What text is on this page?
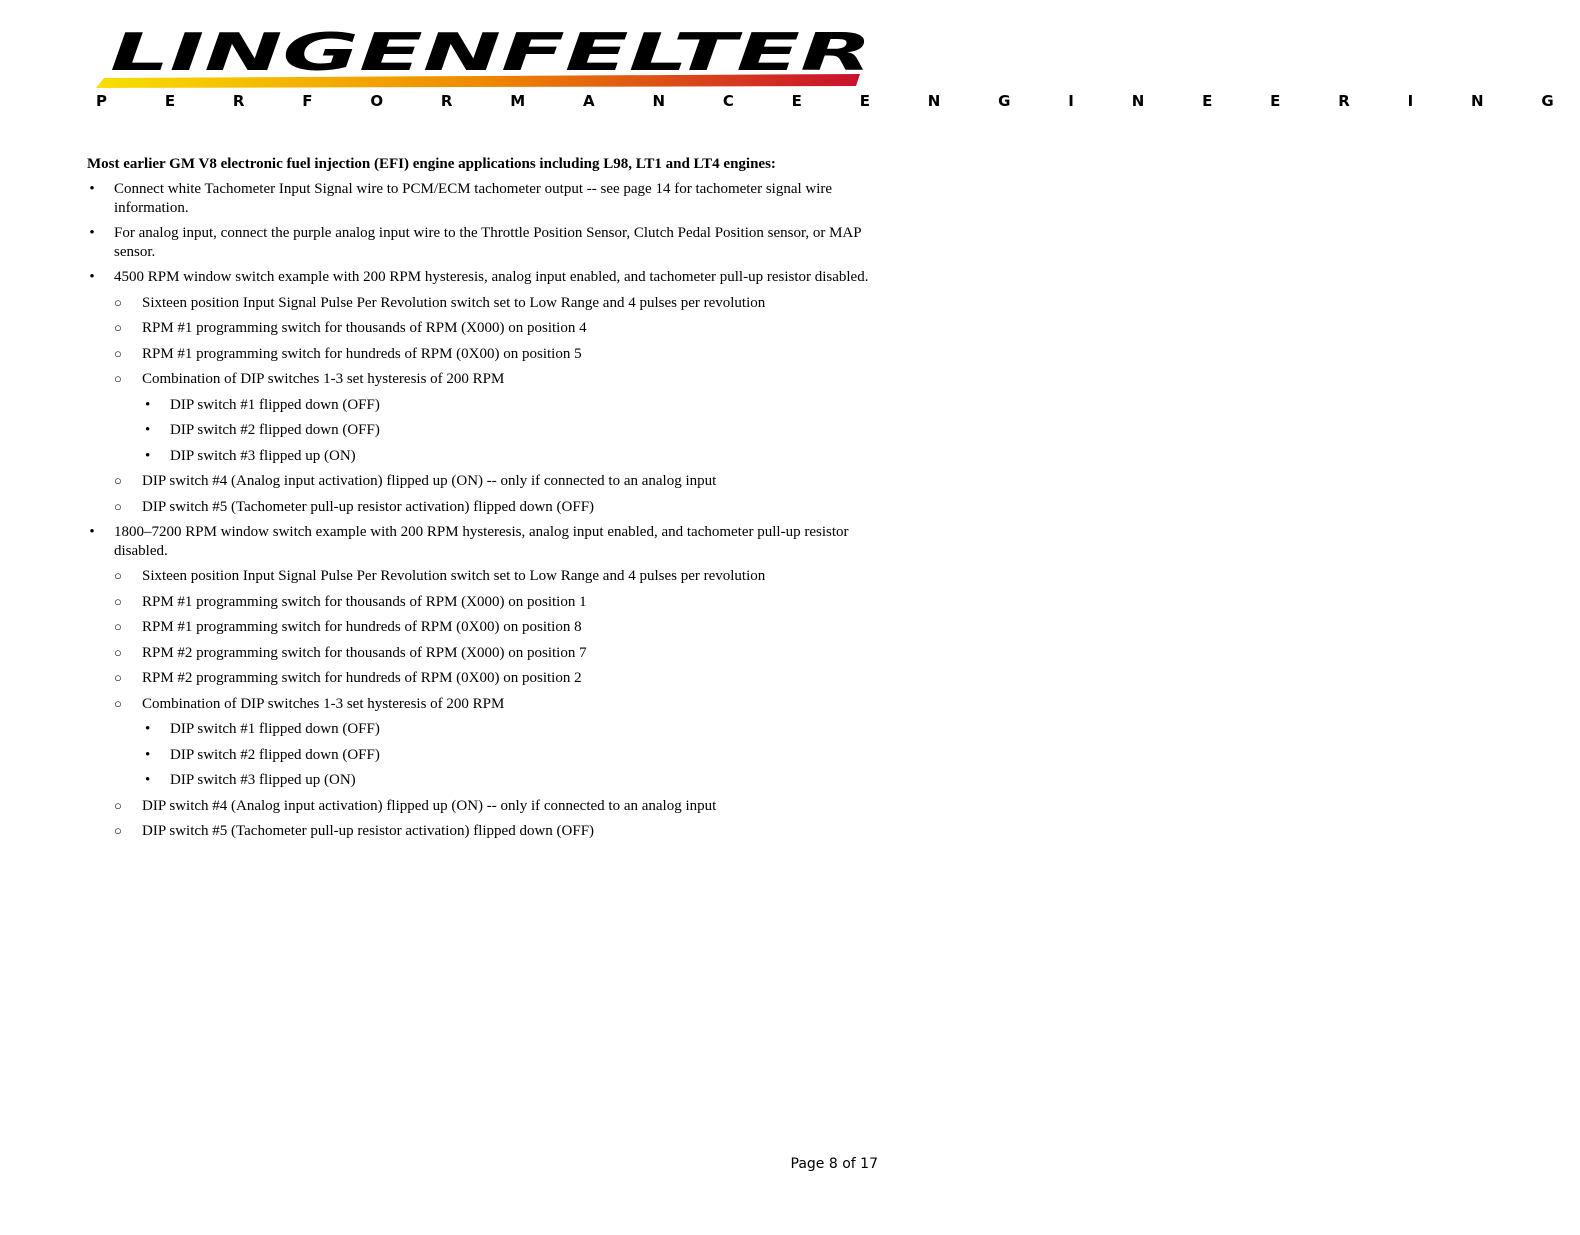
LINGENFELTER
P E R F O R M A N C E E N G I N E E R I N G

Most earlier GM V8 electronic fuel injection (EFI) engine applications including L98, LT1 and LT4 engines:

• Connect white Tachometer Input Signal wire to PCM/ECM tachometer output -- see page 14 for tachometer signal wire information.
• For analog input, connect the purple analog input wire to the Throttle Position Sensor, Clutch Pedal Position sensor, or MAP sensor.
• 4500 RPM window switch example with 200 RPM hysteresis, analog input enabled, and tachometer pull-up resistor disabled.
○ Sixteen position Input Signal Pulse Per Revolution switch set to Low Range and 4 pulses per revolution
○ RPM #1 programming switch for thousands of RPM (X000) on position 4
○ RPM #1 programming switch for hundreds of RPM (0X00) on position 5
○ Combination of DIP switches 1-3 set hysteresis of 200 RPM
• DIP switch #1 flipped down (OFF)
• DIP switch #2 flipped down (OFF)
• DIP switch #3 flipped up (ON)
○ DIP switch #4 (Analog input activation) flipped up (ON) -- only if connected to an analog input
○ DIP switch #5 (Tachometer pull-up resistor activation) flipped down (OFF)
• 1800–7200 RPM window switch example with 200 RPM hysteresis, analog input enabled, and tachometer pull-up resistor disabled.
○ Sixteen position Input Signal Pulse Per Revolution switch set to Low Range and 4 pulses per revolution
○ RPM #1 programming switch for thousands of RPM (X000) on position 1
○ RPM #1 programming switch for hundreds of RPM (0X00) on position 8
○ RPM #2 programming switch for thousands of RPM (X000) on position 7
○ RPM #2 programming switch for hundreds of RPM (0X00) on position 2
○ Combination of DIP switches 1-3 set hysteresis of 200 RPM
• DIP switch #1 flipped down (OFF)
• DIP switch #2 flipped down (OFF)
• DIP switch #3 flipped up (ON)
○ DIP switch #4 (Analog input activation) flipped up (ON) -- only if connected to an analog input
○ DIP switch #5 (Tachometer pull-up resistor activation) flipped down (OFF)
Page 8 of 17
